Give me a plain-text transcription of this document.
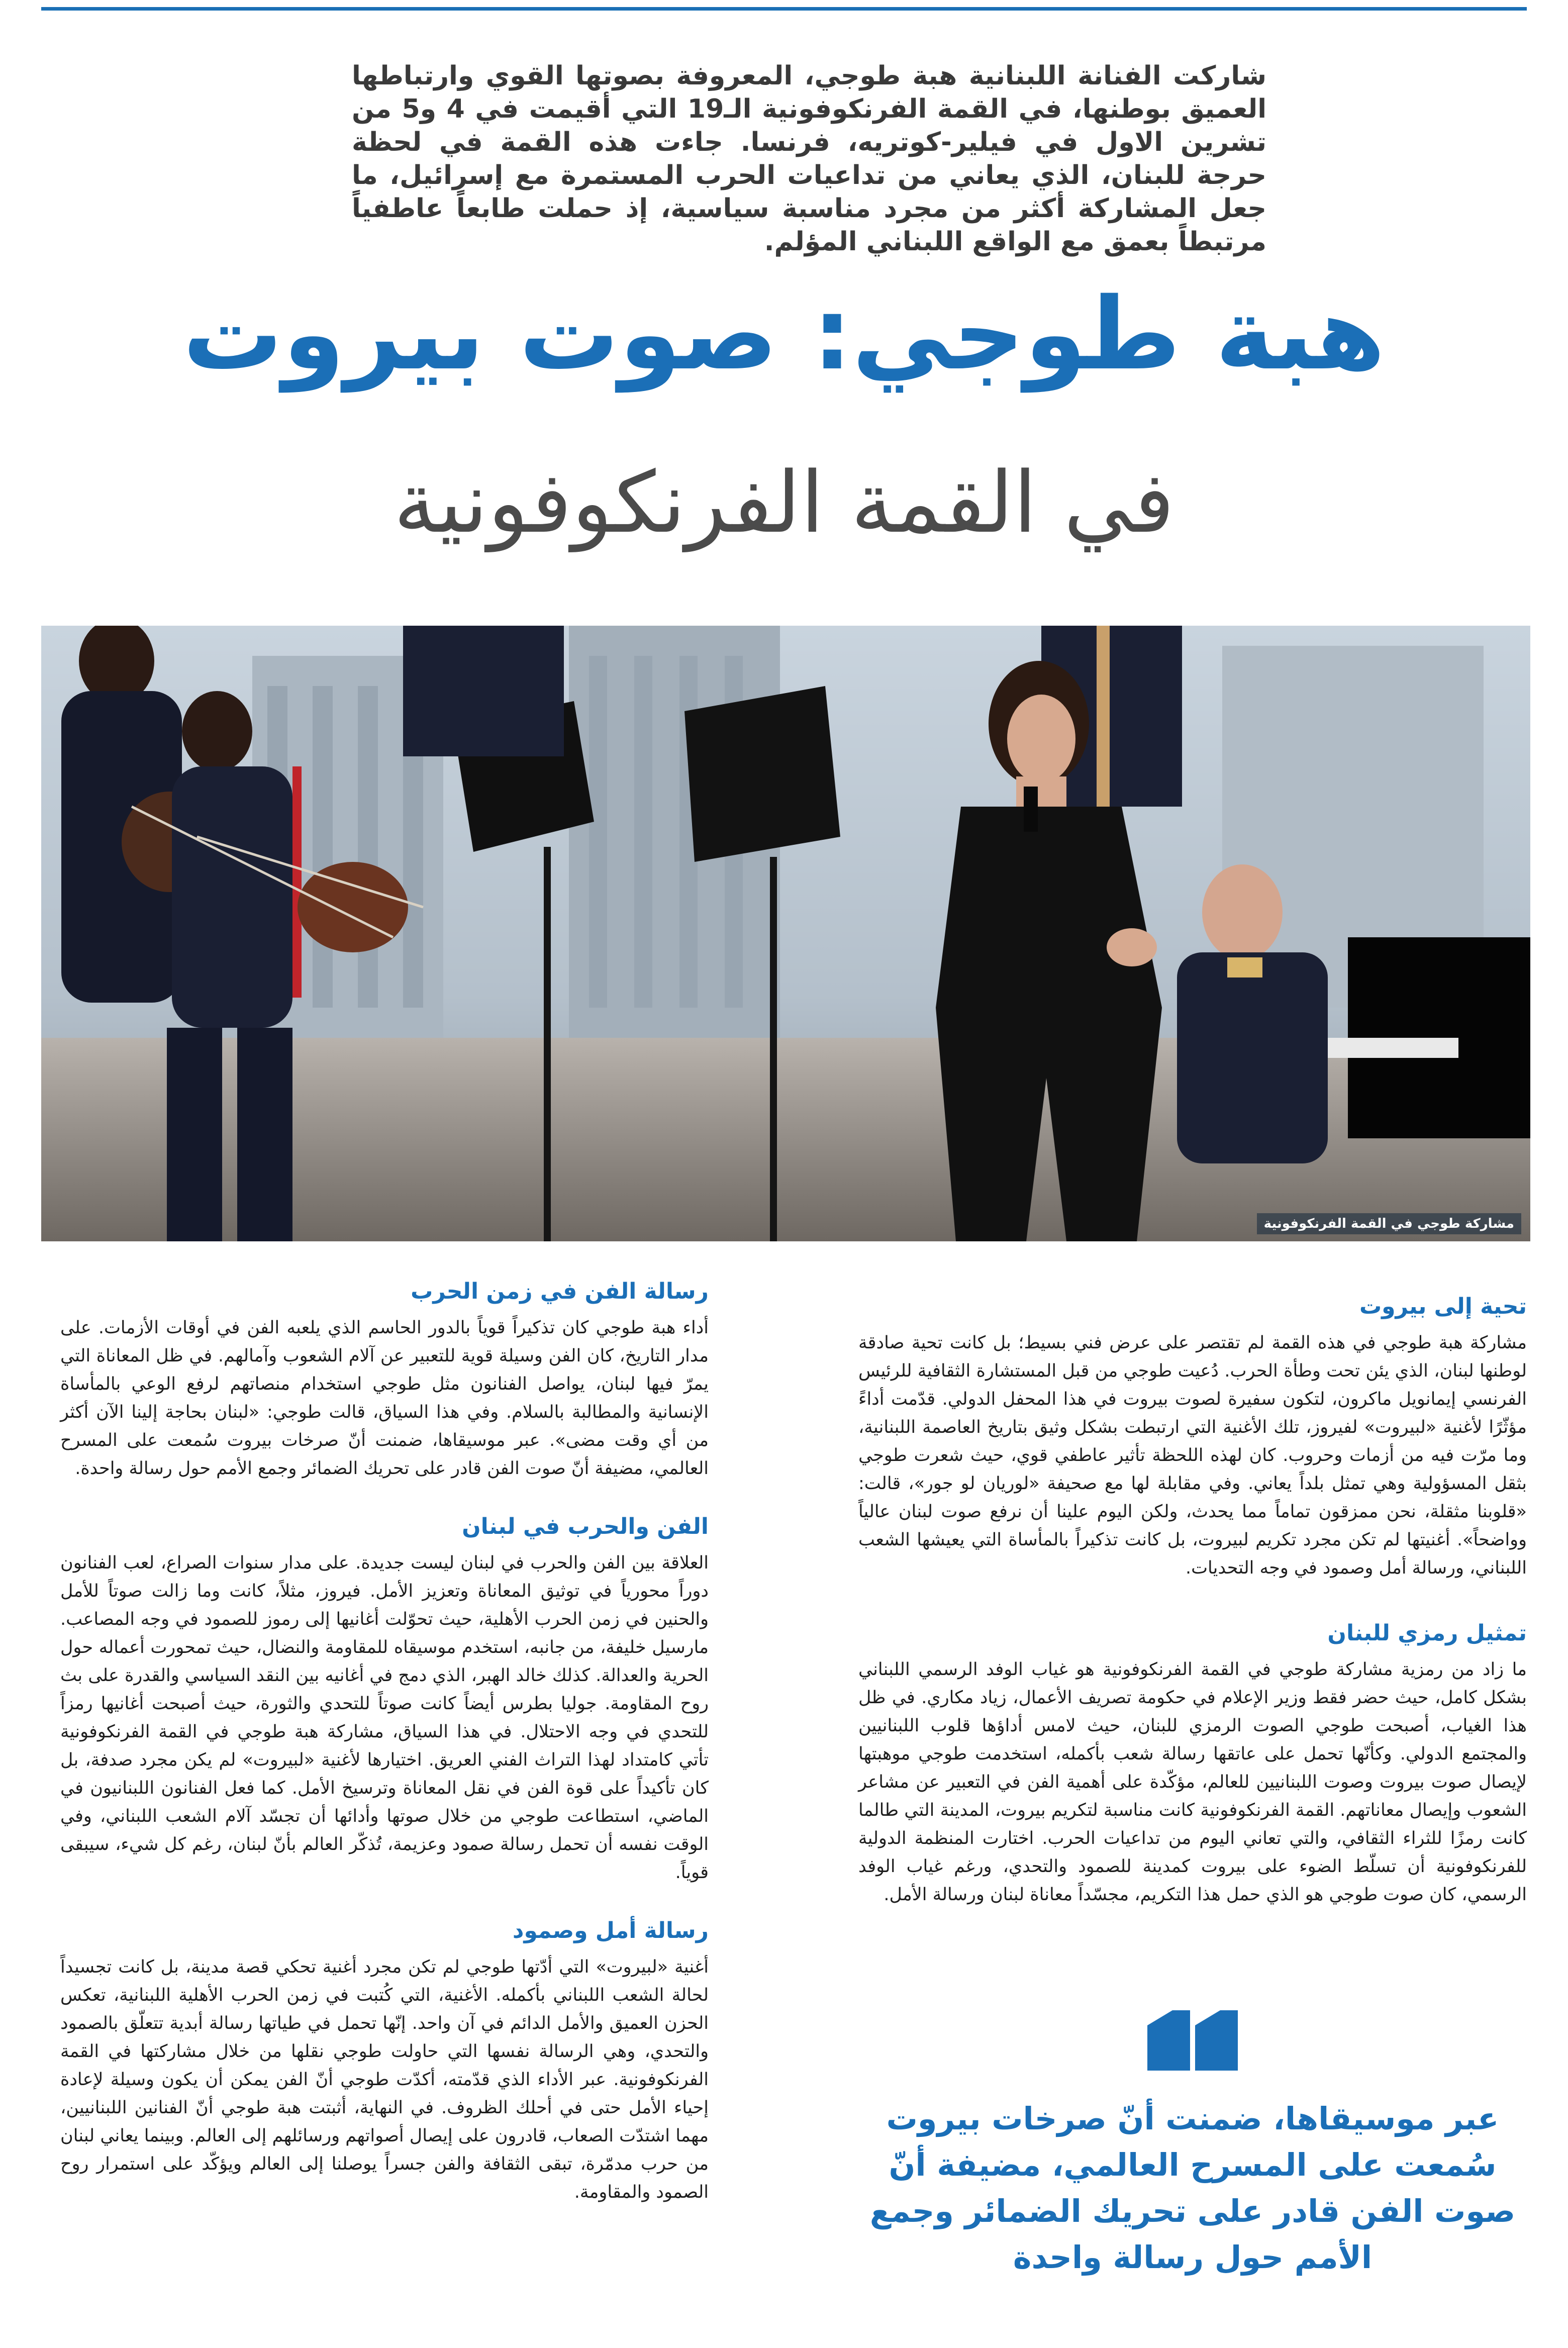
شاركت الفنانة اللبنانية هبة طوجي، المعروفة بصوتها القوي وارتباطها العميق بوطنها، في القمة الفرنكوفونية الـ19 التي أقيمت في 4 و5 من تشرين الاول في فيلير-كوتريه، فرنسا. جاءت هذه القمة في لحظة حرجة للبنان، الذي يعاني من تداعيات الحرب المستمرة مع إسرائيل، ما جعل المشاركة أكثر من مجرد مناسبة سياسية، إذ حملت طابعاً عاطفياً مرتبطاً بعمق مع الواقع اللبناني المؤلم.
هبة طوجي: صوت بيروت
في القمة الفرنكوفونية
مشاركة طوجي في القمة الفرنكوفونية
تحية إلى بيروت

مشاركة هبة طوجي في هذه القمة لم تقتصر على عرض فني بسيط؛ بل كانت تحية صادقة لوطنها لبنان، الذي يئن تحت وطأة الحرب. دُعيت طوجي من قبل المستشارة الثقافية للرئيس الفرنسي إيمانويل ماكرون، لتكون سفيرة لصوت بيروت في هذا المحفل الدولي. قدّمت أداءً مؤثّرًا لأغنية «لبيروت» لفيروز، تلك الأغنية التي ارتبطت بشكل وثيق بتاريخ العاصمة اللبنانية، وما مرّت فيه من أزمات وحروب. كان لهذه اللحظة تأثير عاطفي قوي، حيث شعرت طوجي بثقل المسؤولية وهي تمثل بلداً يعاني. وفي مقابلة لها مع صحيفة «لوريان لو جور»، قالت: «قلوبنا مثقلة، نحن ممزقون تماماً مما يحدث، ولكن اليوم علينا أن نرفع صوت لبنان عالياً وواضحاً». أغنيتها لم تكن مجرد تكريم لبيروت، بل كانت تذكيراً بالمأساة التي يعيشها الشعب اللبناني، ورسالة أمل وصمود في وجه التحديات.

تمثيل رمزي للبنان

ما زاد من رمزية مشاركة طوجي في القمة الفرنكوفونية هو غياب الوفد الرسمي اللبناني بشكل كامل، حيث حضر فقط وزير الإعلام في حكومة تصريف الأعمال، زياد مكاري. في ظل هذا الغياب، أصبحت طوجي الصوت الرمزي للبنان، حيث لامس أداؤها قلوب اللبنانيين والمجتمع الدولي. وكأنّها تحمل على عاتقها رسالة شعب بأكمله، استخدمت طوجي موهبتها لإيصال صوت بيروت وصوت اللبنانيين للعالم، مؤكّدة على أهمية الفن في التعبير عن مشاعر الشعوب وإيصال معاناتهم. القمة الفرنكوفونية كانت مناسبة لتكريم بيروت، المدينة التي طالما كانت رمزًا للثراء الثقافي، والتي تعاني اليوم من تداعيات الحرب. اختارت المنظمة الدولية للفرنكوفونية أن تسلّط الضوء على بيروت كمدينة للصمود والتحدي، ورغم غياب الوفد الرسمي، كان صوت طوجي هو الذي حمل هذا التكريم، مجسّداً معاناة لبنان ورسالة الأمل.

رسالة الفن في زمن الحرب

أداء هبة طوجي كان تذكيراً قوياً بالدور الحاسم الذي يلعبه الفن في أوقات الأزمات. على مدار التاريخ، كان الفن وسيلة قوية للتعبير عن آلام الشعوب وآمالهم. في ظل المعاناة التي يمرّ فيها لبنان، يواصل الفنانون مثل طوجي استخدام منصاتهم لرفع الوعي بالمأساة الإنسانية والمطالبة بالسلام. وفي هذا السياق، قالت طوجي: «لبنان بحاجة إلينا الآن أكثر من أي وقت مضى». عبر موسيقاها، ضمنت أنّ صرخات بيروت سُمعت على المسرح العالمي، مضيفة أنّ صوت الفن قادر على تحريك الضمائر وجمع الأمم حول رسالة واحدة.

الفن والحرب في لبنان

العلاقة بين الفن والحرب في لبنان ليست جديدة. على مدار سنوات الصراع، لعب الفنانون دوراً محورياً في توثيق المعاناة وتعزيز الأمل. فيروز، مثلاً، كانت وما زالت صوتاً للأمل والحنين في زمن الحرب الأهلية، حيث تحوّلت أغانيها إلى رموز للصمود في وجه المصاعب. مارسيل خليفة، من جانبه، استخدم موسيقاه للمقاومة والنضال، حيث تمحورت أعماله حول الحرية والعدالة. كذلك خالد الهبر، الذي دمج في أغانيه بين النقد السياسي والقدرة على بث روح المقاومة. جوليا بطرس أيضاً كانت صوتاً للتحدي والثورة، حيث أصبحت أغانيها رمزاً للتحدي في وجه الاحتلال. في هذا السياق، مشاركة هبة طوجي في القمة الفرنكوفونية تأتي كامتداد لهذا التراث الفني العريق. اختيارها لأغنية «لبيروت» لم يكن مجرد صدفة، بل كان تأكيداً على قوة الفن في نقل المعاناة وترسيخ الأمل. كما فعل الفنانون اللبنانيون في الماضي، استطاعت طوجي من خلال صوتها وأدائها أن تجسّد آلام الشعب اللبناني، وفي الوقت نفسه أن تحمل رسالة صمود وعزيمة، تُذكّر العالم بأنّ لبنان، رغم كل شيء، سيبقى قوياً.

رسالة أمل وصمود

أغنية «لبيروت» التي أدّتها طوجي لم تكن مجرد أغنية تحكي قصة مدينة، بل كانت تجسيداً لحالة الشعب اللبناني بأكمله. الأغنية، التي كُتبت في زمن الحرب الأهلية اللبنانية، تعكس الحزن العميق والأمل الدائم في آن واحد. إنّها تحمل في طياتها رسالة أبدية تتعلّق بالصمود والتحدي، وهي الرسالة نفسها التي حاولت طوجي نقلها من خلال مشاركتها في القمة الفرنكوفونية. عبر الأداء الذي قدّمته، أكدّت طوجي أنّ الفن يمكن أن يكون وسيلة لإعادة إحياء الأمل حتى في أحلك الظروف. في النهاية، أثبتت هبة طوجي أنّ الفنانين اللبنانيين، مهما اشتدّت الصعاب، قادرون على إيصال أصواتهم ورسائلهم إلى العالم. وبينما يعاني لبنان من حرب مدمّرة، تبقى الثقافة والفن جسراً يوصلنا إلى العالم ويؤكّد على استمرار روح الصمود والمقاومة.

عبر موسيقاها، ضمنت أنّ صرخات بيروت سُمعت على المسرح العالمي، مضيفة أنّ صوت الفن قادر على تحريك الضمائر وجمع الأمم حول رسالة واحدة
